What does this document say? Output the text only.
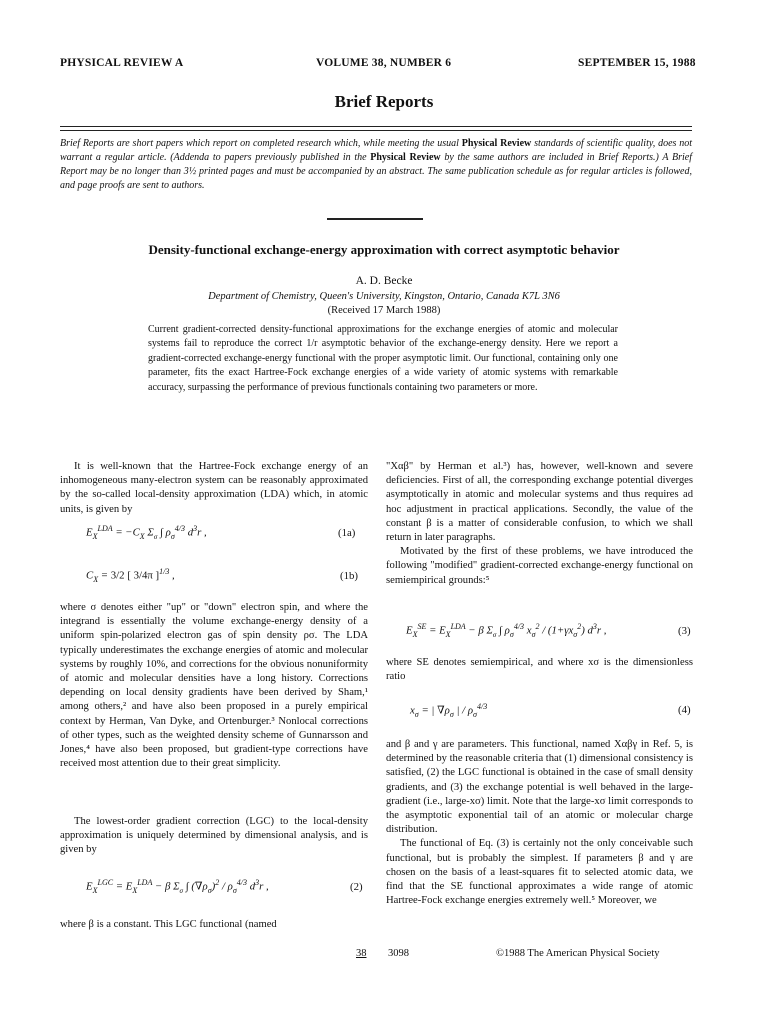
PHYSICAL REVIEW A	VOLUME 38, NUMBER 6	SEPTEMBER 15, 1988
Brief Reports
Brief Reports are short papers which report on completed research which, while meeting the usual Physical Review standards of scientific quality, does not warrant a regular article. (Addenda to papers previously published in the Physical Review by the same authors are included in Brief Reports.) A Brief Report may be no longer than 3½ printed pages and must be accompanied by an abstract. The same publication schedule as for regular articles is followed, and page proofs are sent to authors.
Density-functional exchange-energy approximation with correct asymptotic behavior
A. D. Becke
Department of Chemistry, Queen's University, Kingston, Ontario, Canada K7L 3N6
(Received 17 March 1988)
Current gradient-corrected density-functional approximations for the exchange energies of atomic and molecular systems fail to reproduce the correct 1/r asymptotic behavior of the exchange-energy density. Here we report a gradient-corrected exchange-energy functional with the proper asymptotic limit. Our functional, containing only one parameter, fits the exact Hartree-Fock exchange energies of a wide variety of atomic systems with remarkable accuracy, surpassing the performance of previous functionals containing two parameters or more.

It is well-known that the Hartree-Fock exchange energy of an inhomogeneous many-electron system can be reasonably approximated by the so-called local-density approximation (LDA) which, in atomic units, is given by

$E_X^{LDA} = -C_X$ $\Sigma_\sigma$ ∫ $\rho_\sigma^{4/3}$ $d^3r$ ,	(1a)
$C_X = 3/2$ [ 3/4π ]$^{1/3}$ ,	(1b)

where σ denotes either "up" or "down" electron spin, and where the integrand is essentially the volume exchange-energy density of a uniform spin-polarized electron gas of spin density ρσ. The LDA typically underestimates the exchange energies of atomic and molecular systems by roughly 10%, and corrections for the obvious nonuniformity of atomic and molecular densities have a long history. Corrections depending on local density gradients have been derived by Sham,¹ among others,² and have also been proposed in a purely empirical context by Herman, Van Dyke, and Ortenburger.³ Nonlocal corrections of other types, such as the weighted density scheme of Gunnarsson and Jones,⁴ have also been proposed, but gradient-type corrections have received most attention due to their great simplicity.

The lowest-order gradient correction (LGC) to the local-density approximation is uniquely determined by dimensional analysis, and is given by

$E_X^{LGC} = E_X^{LDA} - \beta$ $\Sigma_\sigma$ ∫ $(\nabla\rho_\sigma)^2 / \rho_\sigma^{4/3}$ $d^3r$ ,	(2)

where β is a constant. This LGC functional (named

"Xαβ" by Herman et al.³) has, however, well-known and severe deficiencies. First of all, the corresponding exchange potential diverges asymptotically in atomic and molecular systems and thus requires ad hoc adjustment in practical applications. Secondly, the value of the constant β is a matter of considerable confusion, to which we shall return in later paragraphs.

Motivated by the first of these problems, we have introduced the following "modified" gradient-corrected exchange-energy functional on semiempirical grounds:⁵

$E_X^{SE} = E_X^{LDA} - \beta$ $\Sigma_\sigma$ ∫ $\rho_\sigma^{4/3}$ $x_\sigma^2 / (1+\gamma x_\sigma^2)$ $d^3r$ ,	(3)

where SE denotes semiempirical, and where xσ is the dimensionless ratio

$x_\sigma$ = | $\nabla\rho_\sigma$ | / $\rho_\sigma^{4/3}$	(4)

and β and γ are parameters. This functional, named Xαβγ in Ref. 5, is determined by the reasonable criteria that (1) dimensional consistency is satisfied, (2) the LGC functional is obtained in the case of small density gradients, and (3) the exchange potential is well behaved in the large-gradient (i.e., large-xσ) limit. Note that the large-xσ limit corresponds to the asymptotic exponential tail of an atomic or molecular charge distribution.

The functional of Eq. (3) is certainly not the only conceivable such functional, but is probably the simplest. If parameters β and γ are chosen on the basis of a least-squares fit to selected atomic data, we find that the SE functional approximates a wide range of atomic Hartree-Fock exchange energies extremely well.⁵ Moreover, we

38 3098	©1988 The American Physical Society
